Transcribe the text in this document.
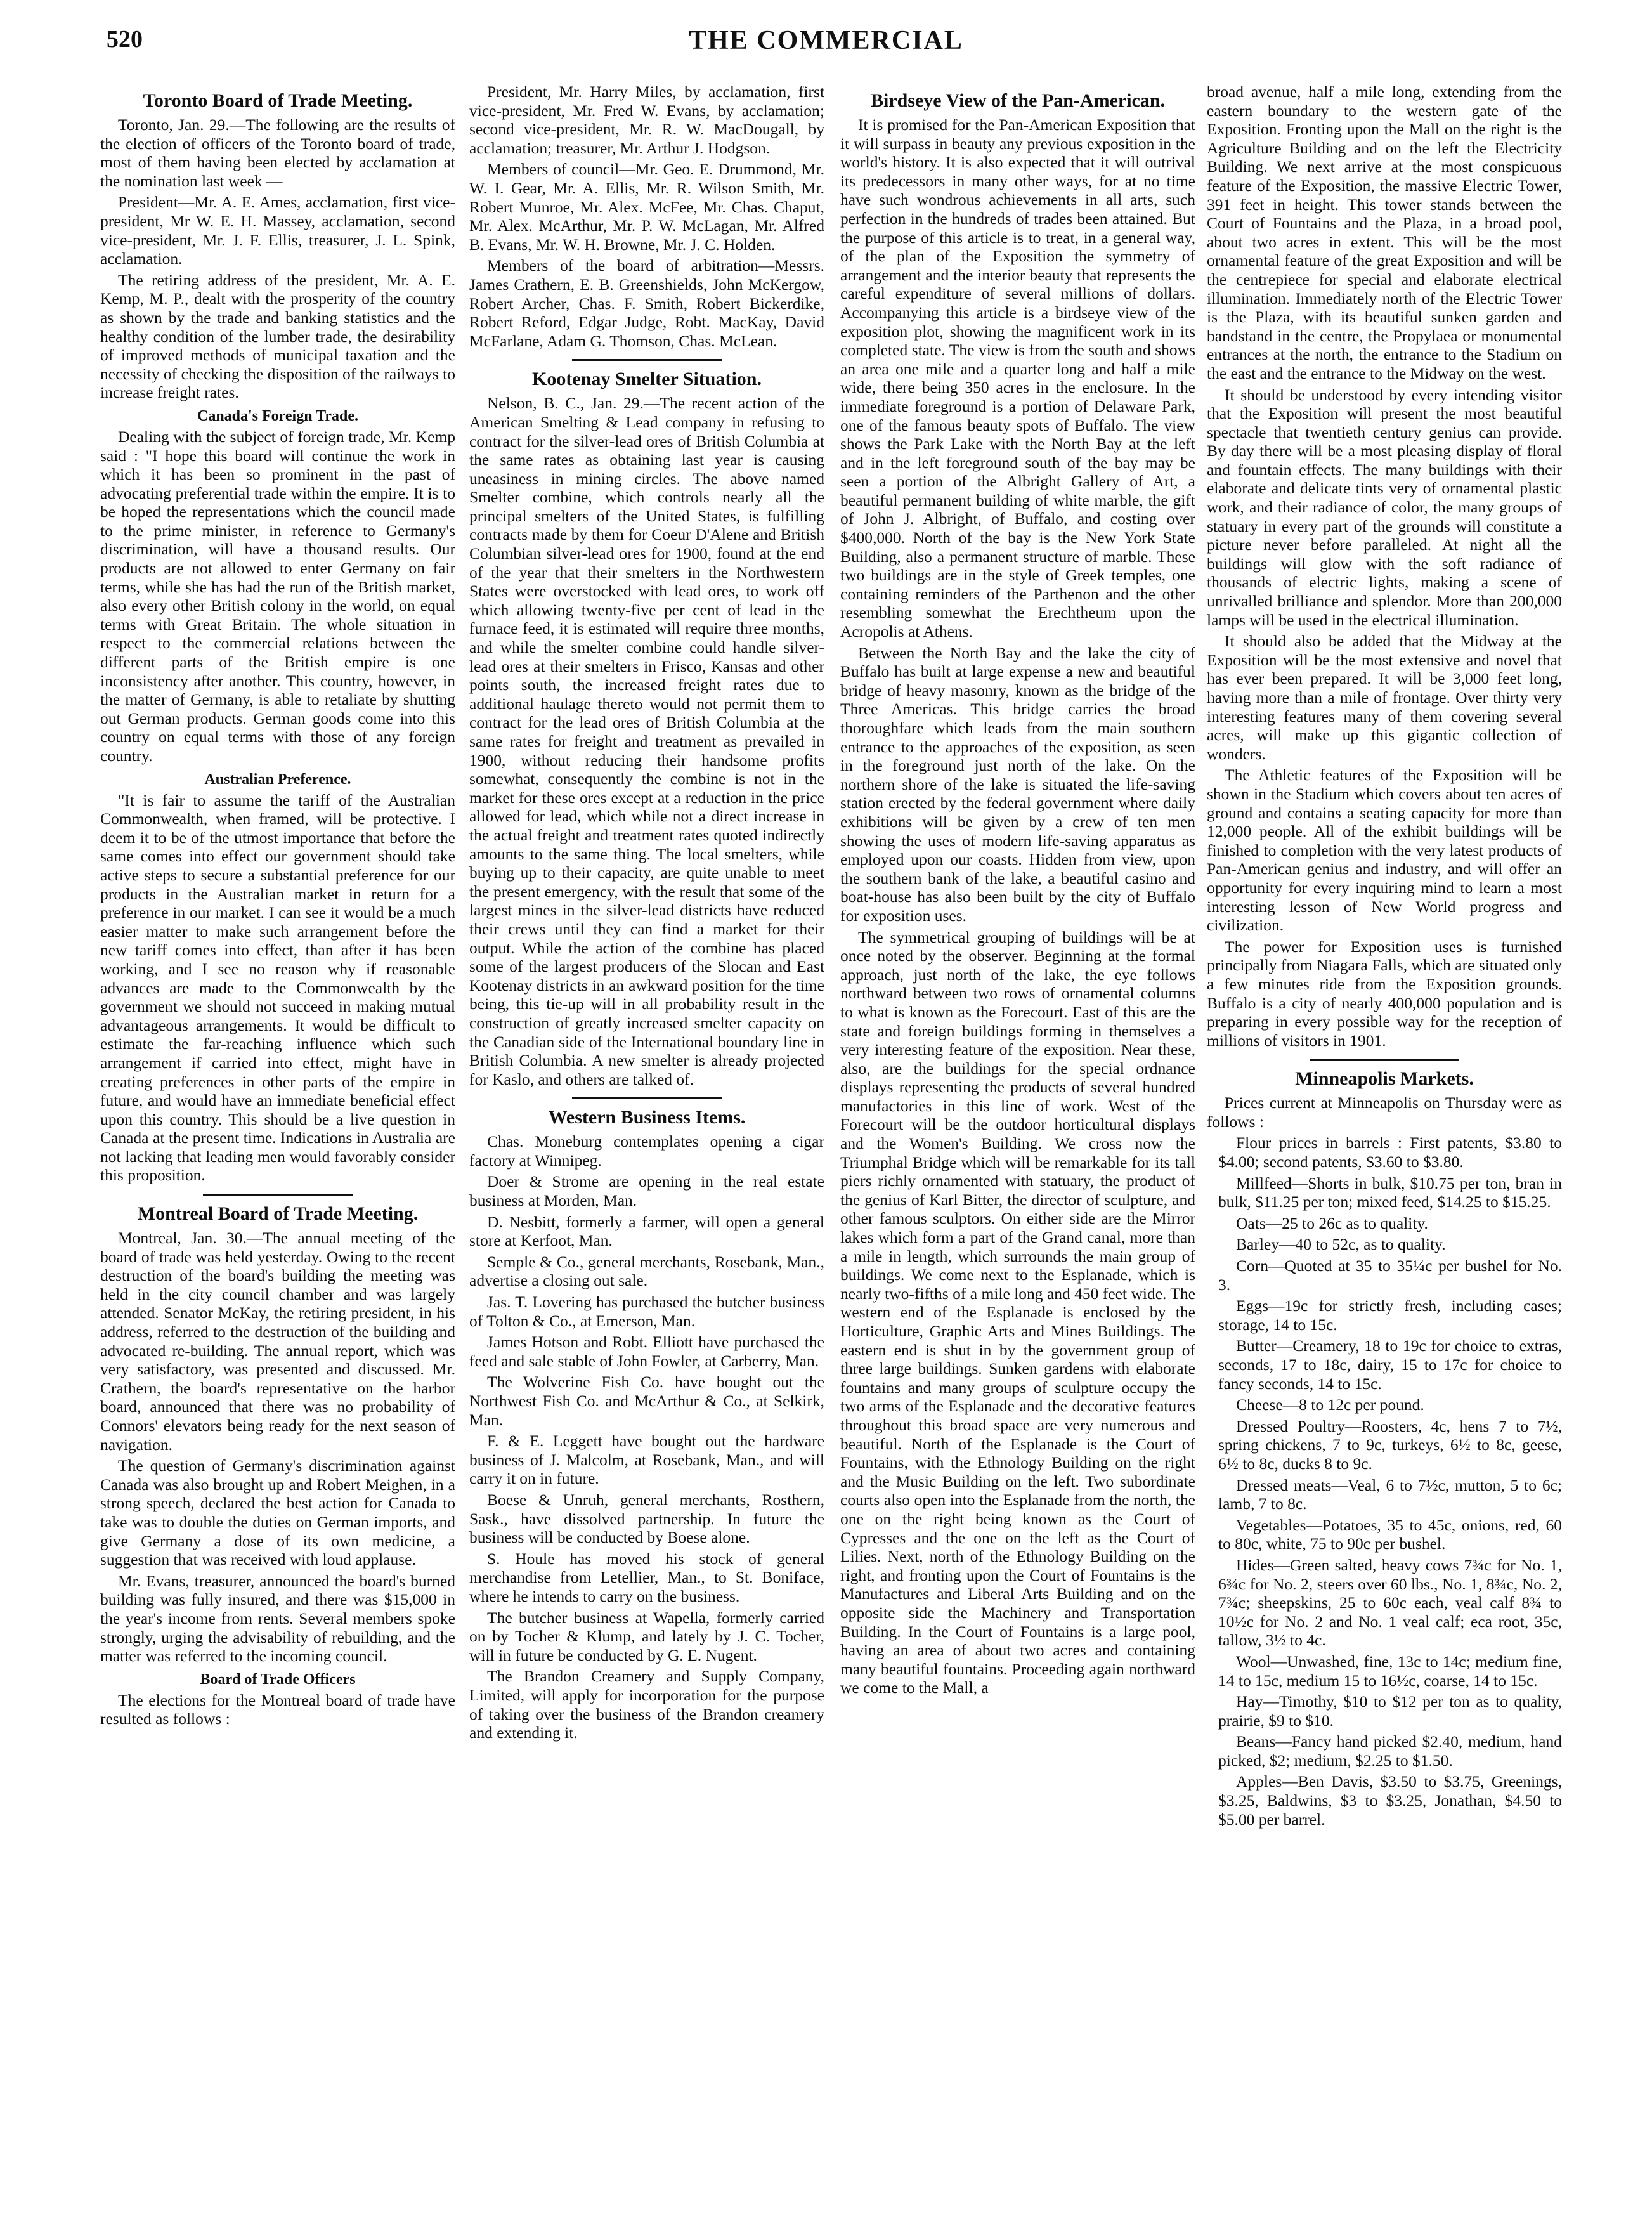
520	THE COMMERCIAL
Toronto Board of Trade Meeting.

Toronto, Jan. 29.—The following are the results of the election of officers of the Toronto board of trade, most of them having been elected by acclamation at the nomination last week —

President—Mr. A. E. Ames, acclamation, first vice-president, Mr W. E. H. Massey, acclamation, second vice-president, Mr. J. F. Ellis, treasurer, J. L. Spink, acclamation.

The retiring address of the president, Mr. A. E. Kemp, M. P., dealt with the prosperity of the country as shown by the trade and banking statistics and the healthy condition of the lumber trade, the desirability of improved methods of municipal taxation and the necessity of checking the disposition of the railways to increase freight rates.

Canada's Foreign Trade.

Dealing with the subject of foreign trade, Mr. Kemp said : "I hope this board will continue the work in which it has been so prominent in the past of advocating preferential trade within the empire. It is to be hoped the representations which the council made to the prime minister, in reference to Germany's discrimination, will have a thousand results. Our products are not allowed to enter Germany on fair terms, while she has had the run of the British market, also every other British colony in the world, on equal terms with Great Britain. The whole situation in respect to the commercial relations between the different parts of the British empire is one inconsistency after another. This country, however, in the matter of Germany, is able to retaliate by shutting out German products. German goods come into this country on equal terms with those of any foreign country.

Australian Preference.

"It is fair to assume the tariff of the Australian Commonwealth, when framed, will be protective. I deem it to be of the utmost importance that before the same comes into effect our government should take active steps to secure a substantial preference for our products in the Australian market in return for a preference in our market. I can see it would be a much easier matter to make such arrangement before the new tariff comes into effect, than after it has been working, and I see no reason why if reasonable advances are made to the Commonwealth by the government we should not succeed in making mutual advantageous arrangements. It would be difficult to estimate the far-reaching influence which such arrangement if carried into effect, might have in creating preferences in other parts of the empire in future, and would have an immediate beneficial effect upon this country. This should be a live question in Canada at the present time. Indications in Australia are not lacking that leading men would favorably consider this proposition.

Montreal Board of Trade Meeting.

Montreal, Jan. 30.—The annual meeting of the board of trade was held yesterday. Owing to the recent destruction of the board's building the meeting was held in the city council chamber and was largely attended. Senator McKay, the retiring president, in his address, referred to the destruction of the building and advocated re-building. The annual report, which was very satisfactory, was presented and discussed. Mr. Crathern, the board's representative on the harbor board, announced that there was no probability of Connors' elevators being ready for the next season of navigation.

The question of Germany's discrimination against Canada was also brought up and Robert Meighen, in a strong speech, declared the best action for Canada to take was to double the duties on German imports, and give Germany a dose of its own medicine, a suggestion that was received with loud applause.

Mr. Evans, treasurer, announced the board's burned building was fully insured, and there was $15,000 in the year's income from rents. Several members spoke strongly, urging the advisability of rebuilding, and the matter was referred to the incoming council.

Board of Trade Officers

The elections for the Montreal board of trade have resulted as follows :

President, Mr. Harry Miles, by acclamation, first vice-president, Mr. Fred W. Evans, by acclamation; second vice-president, Mr. R. W. MacDougall, by acclamation; treasurer, Mr. Arthur J. Hodgson.

Members of council—Mr. Geo. E. Drummond, Mr. W. I. Gear, Mr. A. Ellis, Mr. R. Wilson Smith, Mr. Robert Munroe, Mr. Alex. McFee, Mr. Chas. Chaput, Mr. Alex. McArthur, Mr. P. W. McLagan, Mr. Alfred B. Evans, Mr. W. H. Browne, Mr. J. C. Holden.

Members of the board of arbitration—Messrs. James Crathern, E. B. Greenshields, John McKergow, Robert Archer, Chas. F. Smith, Robert Bickerdike, Robert Reford, Edgar Judge, Robt. MacKay, David McFarlane, Adam G. Thomson, Chas. McLean.

Kootenay Smelter Situation.

Nelson, B. C., Jan. 29.—The recent action of the American Smelting & Lead company in refusing to contract for the silver-lead ores of British Columbia at the same rates as obtaining last year is causing uneasiness in mining circles. The above named Smelter combine, which controls nearly all the principal smelters of the United States, is fulfilling contracts made by them for Coeur D'Alene and British Columbian silver-lead ores for 1900, found at the end of the year that their smelters in the Northwestern States were overstocked with lead ores, to work off which allowing twenty-five per cent of lead in the furnace feed, it is estimated will require three months, and while the smelter combine could handle silver-lead ores at their smelters in Frisco, Kansas and other points south, the increased freight rates due to additional haulage thereto would not permit them to contract for the lead ores of British Columbia at the same rates for freight and treatment as prevailed in 1900, without reducing their handsome profits somewhat, consequently the combine is not in the market for these ores except at a reduction in the price allowed for lead, which while not a direct increase in the actual freight and treatment rates quoted indirectly amounts to the same thing. The local smelters, while buying up to their capacity, are quite unable to meet the present emergency, with the result that some of the largest mines in the silver-lead districts have reduced their crews until they can find a market for their output. While the action of the combine has placed some of the largest producers of the Slocan and East Kootenay districts in an awkward position for the time being, this tie-up will in all probability result in the construction of greatly increased smelter capacity on the Canadian side of the International boundary line in British Columbia. A new smelter is already projected for Kaslo, and others are talked of.

Western Business Items.

Chas. Moneburg contemplates opening a cigar factory at Winnipeg.

Doer & Strome are opening in the real estate business at Morden, Man.

D. Nesbitt, formerly a farmer, will open a general store at Kerfoot, Man.

Semple & Co., general merchants, Rosebank, Man., advertise a closing out sale.

Jas. T. Lovering has purchased the butcher business of Tolton & Co., at Emerson, Man.

James Hotson and Robt. Elliott have purchased the feed and sale stable of John Fowler, at Carberry, Man.

The Wolverine Fish Co. have bought out the Northwest Fish Co. and McArthur & Co., at Selkirk, Man.

F. & E. Leggett have bought out the hardware business of J. Malcolm, at Rosebank, Man., and will carry it on in future.

Boese & Unruh, general merchants, Rosthern, Sask., have dissolved partnership. In future the business will be conducted by Boese alone.

S. Houle has moved his stock of general merchandise from Letellier, Man., to St. Boniface, where he intends to carry on the business.

The butcher business at Wapella, formerly carried on by Tocher & Klump, and lately by J. C. Tocher, will in future be conducted by G. E. Nugent.

The Brandon Creamery and Supply Company, Limited, will apply for incorporation for the purpose of taking over the business of the Brandon creamery and extending it.

Birdseye View of the Pan-American.

It is promised for the Pan-American Exposition that it will surpass in beauty any previous exposition in the world's history. It is also expected that it will outrival its predecessors in many other ways, for at no time have such wondrous achievements in all arts, such perfection in the hundreds of trades been attained. But the purpose of this article is to treat, in a general way, of the plan of the Exposition the symmetry of arrangement and the interior beauty that represents the careful expenditure of several millions of dollars. Accompanying this article is a birdseye view of the exposition plot, showing the magnificent work in its completed state. The view is from the south and shows an area one mile and a quarter long and half a mile wide, there being 350 acres in the enclosure. In the immediate foreground is a portion of Delaware Park, one of the famous beauty spots of Buffalo. The view shows the Park Lake with the North Bay at the left and in the left foreground south of the bay may be seen a portion of the Albright Gallery of Art, a beautiful permanent building of white marble, the gift of John J. Albright, of Buffalo, and costing over $400,000. North of the bay is the New York State Building, also a permanent structure of marble. These two buildings are in the style of Greek temples, one containing reminders of the Parthenon and the other resembling somewhat the Erechtheum upon the Acropolis at Athens.

Between the North Bay and the lake the city of Buffalo has built at large expense a new and beautiful bridge of heavy masonry, known as the bridge of the Three Americas. This bridge carries the broad thoroughfare which leads from the main southern entrance to the approaches of the exposition, as seen in the foreground just north of the lake. On the northern shore of the lake is situated the life-saving station erected by the federal government where daily exhibitions will be given by a crew of ten men showing the uses of modern life-saving apparatus as employed upon our coasts. Hidden from view, upon the southern bank of the lake, a beautiful casino and boat-house has also been built by the city of Buffalo for exposition uses.

The symmetrical grouping of buildings will be at once noted by the observer. Beginning at the formal approach, just north of the lake, the eye follows northward between two rows of ornamental columns to what is known as the Forecourt. East of this are the state and foreign buildings forming in themselves a very interesting feature of the exposition. Near these, also, are the buildings for the special ordnance displays representing the products of several hundred manufactories in this line of work. West of the Forecourt will be the outdoor horticultural displays and the Women's Building. We cross now the Triumphal Bridge which will be remarkable for its tall piers richly ornamented with statuary, the product of the genius of Karl Bitter, the director of sculpture, and other famous sculptors. On either side are the Mirror lakes which form a part of the Grand canal, more than a mile in length, which surrounds the main group of buildings. We come next to the Esplanade, which is nearly two-fifths of a mile long and 450 feet wide. The western end of the Esplanade is enclosed by the Horticulture, Graphic Arts and Mines Buildings. The eastern end is shut in by the government group of three large buildings. Sunken gardens with elaborate fountains and many groups of sculpture occupy the two arms of the Esplanade and the decorative features throughout this broad space are very numerous and beautiful. North of the Esplanade is the Court of Fountains, with the Ethnology Building on the right and the Music Building on the left. Two subordinate courts also open into the Esplanade from the north, the one on the right being known as the Court of Cypresses and the one on the left as the Court of Lilies. Next, north of the Ethnology Building on the right, and fronting upon the Court of Fountains is the Manufactures and Liberal Arts Building and on the opposite side the Machinery and Transportation Building. In the Court of Fountains is a large pool, having an area of about two acres and containing many beautiful fountains. Proceeding again northward we come to the Mall, a

broad avenue, half a mile long, extending from the eastern boundary to the western gate of the Exposition. Fronting upon the Mall on the right is the Agriculture Building and on the left the Electricity Building. We next arrive at the most conspicuous feature of the Exposition, the massive Electric Tower, 391 feet in height. This tower stands between the Court of Fountains and the Plaza, in a broad pool, about two acres in extent. This will be the most ornamental feature of the great Exposition and will be the centrepiece for special and elaborate electrical illumination. Immediately north of the Electric Tower is the Plaza, with its beautiful sunken garden and bandstand in the centre, the Propylaea or monumental entrances at the north, the entrance to the Stadium on the east and the entrance to the Midway on the west.

It should be understood by every intending visitor that the Exposition will present the most beautiful spectacle that twentieth century genius can provide. By day there will be a most pleasing display of floral and fountain effects. The many buildings with their elaborate and delicate tints very of ornamental plastic work, and their radiance of color, the many groups of statuary in every part of the grounds will constitute a picture never before paralleled. At night all the buildings will glow with the soft radiance of thousands of electric lights, making a scene of unrivalled brilliance and splendor. More than 200,000 lamps will be used in the electrical illumination.

It should also be added that the Midway at the Exposition will be the most extensive and novel that has ever been prepared. It will be 3,000 feet long, having more than a mile of frontage. Over thirty very interesting features many of them covering several acres, will make up this gigantic collection of wonders.

The Athletic features of the Exposition will be shown in the Stadium which covers about ten acres of ground and contains a seating capacity for more than 12,000 people. All of the exhibit buildings will be finished to completion with the very latest products of Pan-American genius and industry, and will offer an opportunity for every inquiring mind to learn a most interesting lesson of New World progress and civilization.

The power for Exposition uses is furnished principally from Niagara Falls, which are situated only a few minutes ride from the Exposition grounds. Buffalo is a city of nearly 400,000 population and is preparing in every possible way for the reception of millions of visitors in 1901.

Minneapolis Markets.

Prices current at Minneapolis on Thursday were as follows :

Flour prices in barrels : First patents, $3.80 to $4.00; second patents, $3.60 to $3.80.

Millfeed—Shorts in bulk, $10.75 per ton, bran in bulk, $11.25 per ton; mixed feed, $14.25 to $15.25.

Oats—25 to 26c as to quality.

Barley—40 to 52c, as to quality.

Corn—Quoted at 35 to 35¼c per bushel for No. 3.

Eggs—19c for strictly fresh, including cases; storage, 14 to 15c.

Butter—Creamery, 18 to 19c for choice to extras, seconds, 17 to 18c, dairy, 15 to 17c for choice to fancy seconds, 14 to 15c.

Cheese—8 to 12c per pound.

Dressed Poultry—Roosters, 4c, hens 7 to 7½, spring chickens, 7 to 9c, turkeys, 6½ to 8c, geese, 6½ to 8c, ducks 8 to 9c.

Dressed meats—Veal, 6 to 7½c, mutton, 5 to 6c; lamb, 7 to 8c.

Vegetables—Potatoes, 35 to 45c, onions, red, 60 to 80c, white, 75 to 90c per bushel.

Hides—Green salted, heavy cows 7¾c for No. 1, 6¾c for No. 2, steers over 60 lbs., No. 1, 8¾c, No. 2, 7¾c; sheepskins, 25 to 60c each, veal calf 8¾ to 10½c for No. 2 and No. 1 veal calf; eca root, 35c, tallow, 3½ to 4c.

Wool—Unwashed, fine, 13c to 14c; medium fine, 14 to 15c, medium 15 to 16½c, coarse, 14 to 15c.

Hay—Timothy, $10 to $12 per ton as to quality, prairie, $9 to $10.

Beans—Fancy hand picked $2.40, medium, hand picked, $2; medium, $2.25 to $1.50.

Apples—Ben Davis, $3.50 to $3.75, Greenings, $3.25, Baldwins, $3 to $3.25, Jonathan, $4.50 to $5.00 per barrel.
